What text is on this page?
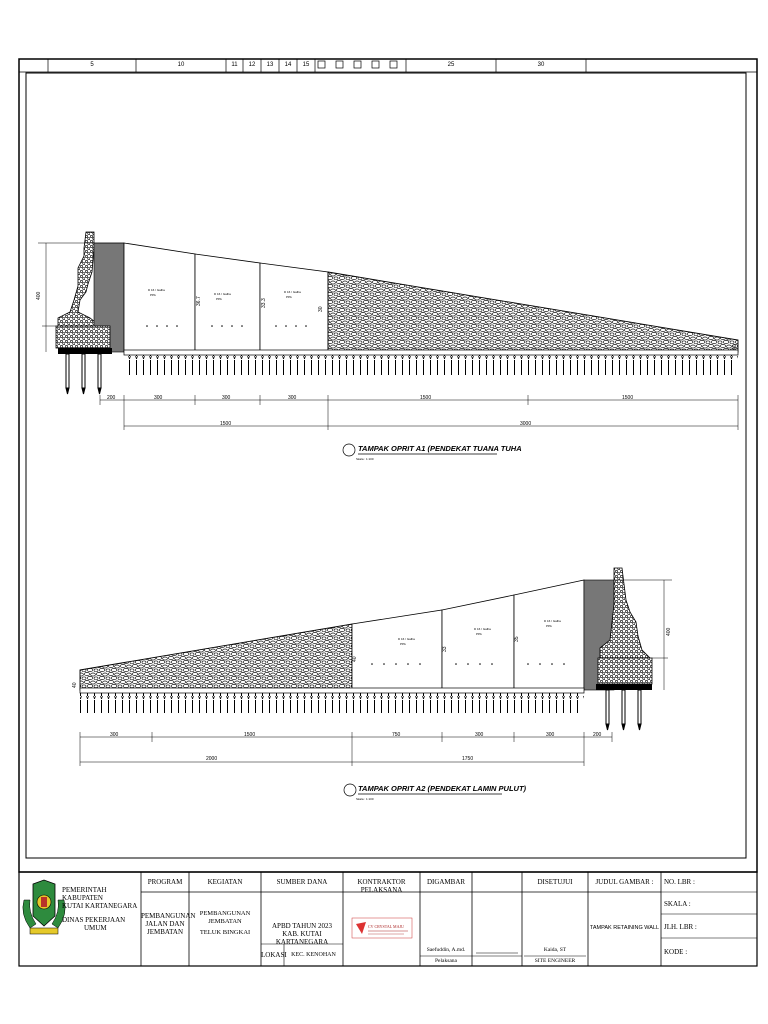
5	10	11	12	13	14	15	25	30
D 16 / Galha
PPA	D 16 / Galha
PPA
D 16 / Galha
PPA
400
36.7	33.3
30
40
200	300	300	300	1500	1500
1500	3000
TAMPAK OPRIT A1 (PENDEKAT TUANA TUHA
Skala : 1:100
D 16 / Galha
PPA
D 16 / Galha
PPA
D 16 / Galha
PPA
40
40
33
35
400
300	1500	750	300	300	200
2000	1750
TAMPAK OPRIT A2 (PENDEKAT LAMIN PULUT)
Skala : 1:100
CV CRYSTAL MAJU
PEMERINTAH KABUPATEN
KUTAI KARTANEGARA
DINAS PEKERJAAN
UMUM
PROGRAM
PEMBANGUNAN
JALAN DAN
JEMBATAN
KEGIATAN
PEMBANGUNAN
JEMBATAN
TELUK BINGKAI
SUMBER DANA
APBD TAHUN 2023
KAB. KUTAI KARTANEGARA
LOKASI KEC. KENOHAN
KONTRAKTOR PELAKSANA
DIGAMBAR
Saefuddin, A.md.
Pelaksana
DISETUJUI
Kaida, ST
SITE ENGINEER
JUDUL GAMBAR :
TAMPAK RETAINING WALL
NO. LBR :
SKALA :
JLH. LBR :
KODE :
